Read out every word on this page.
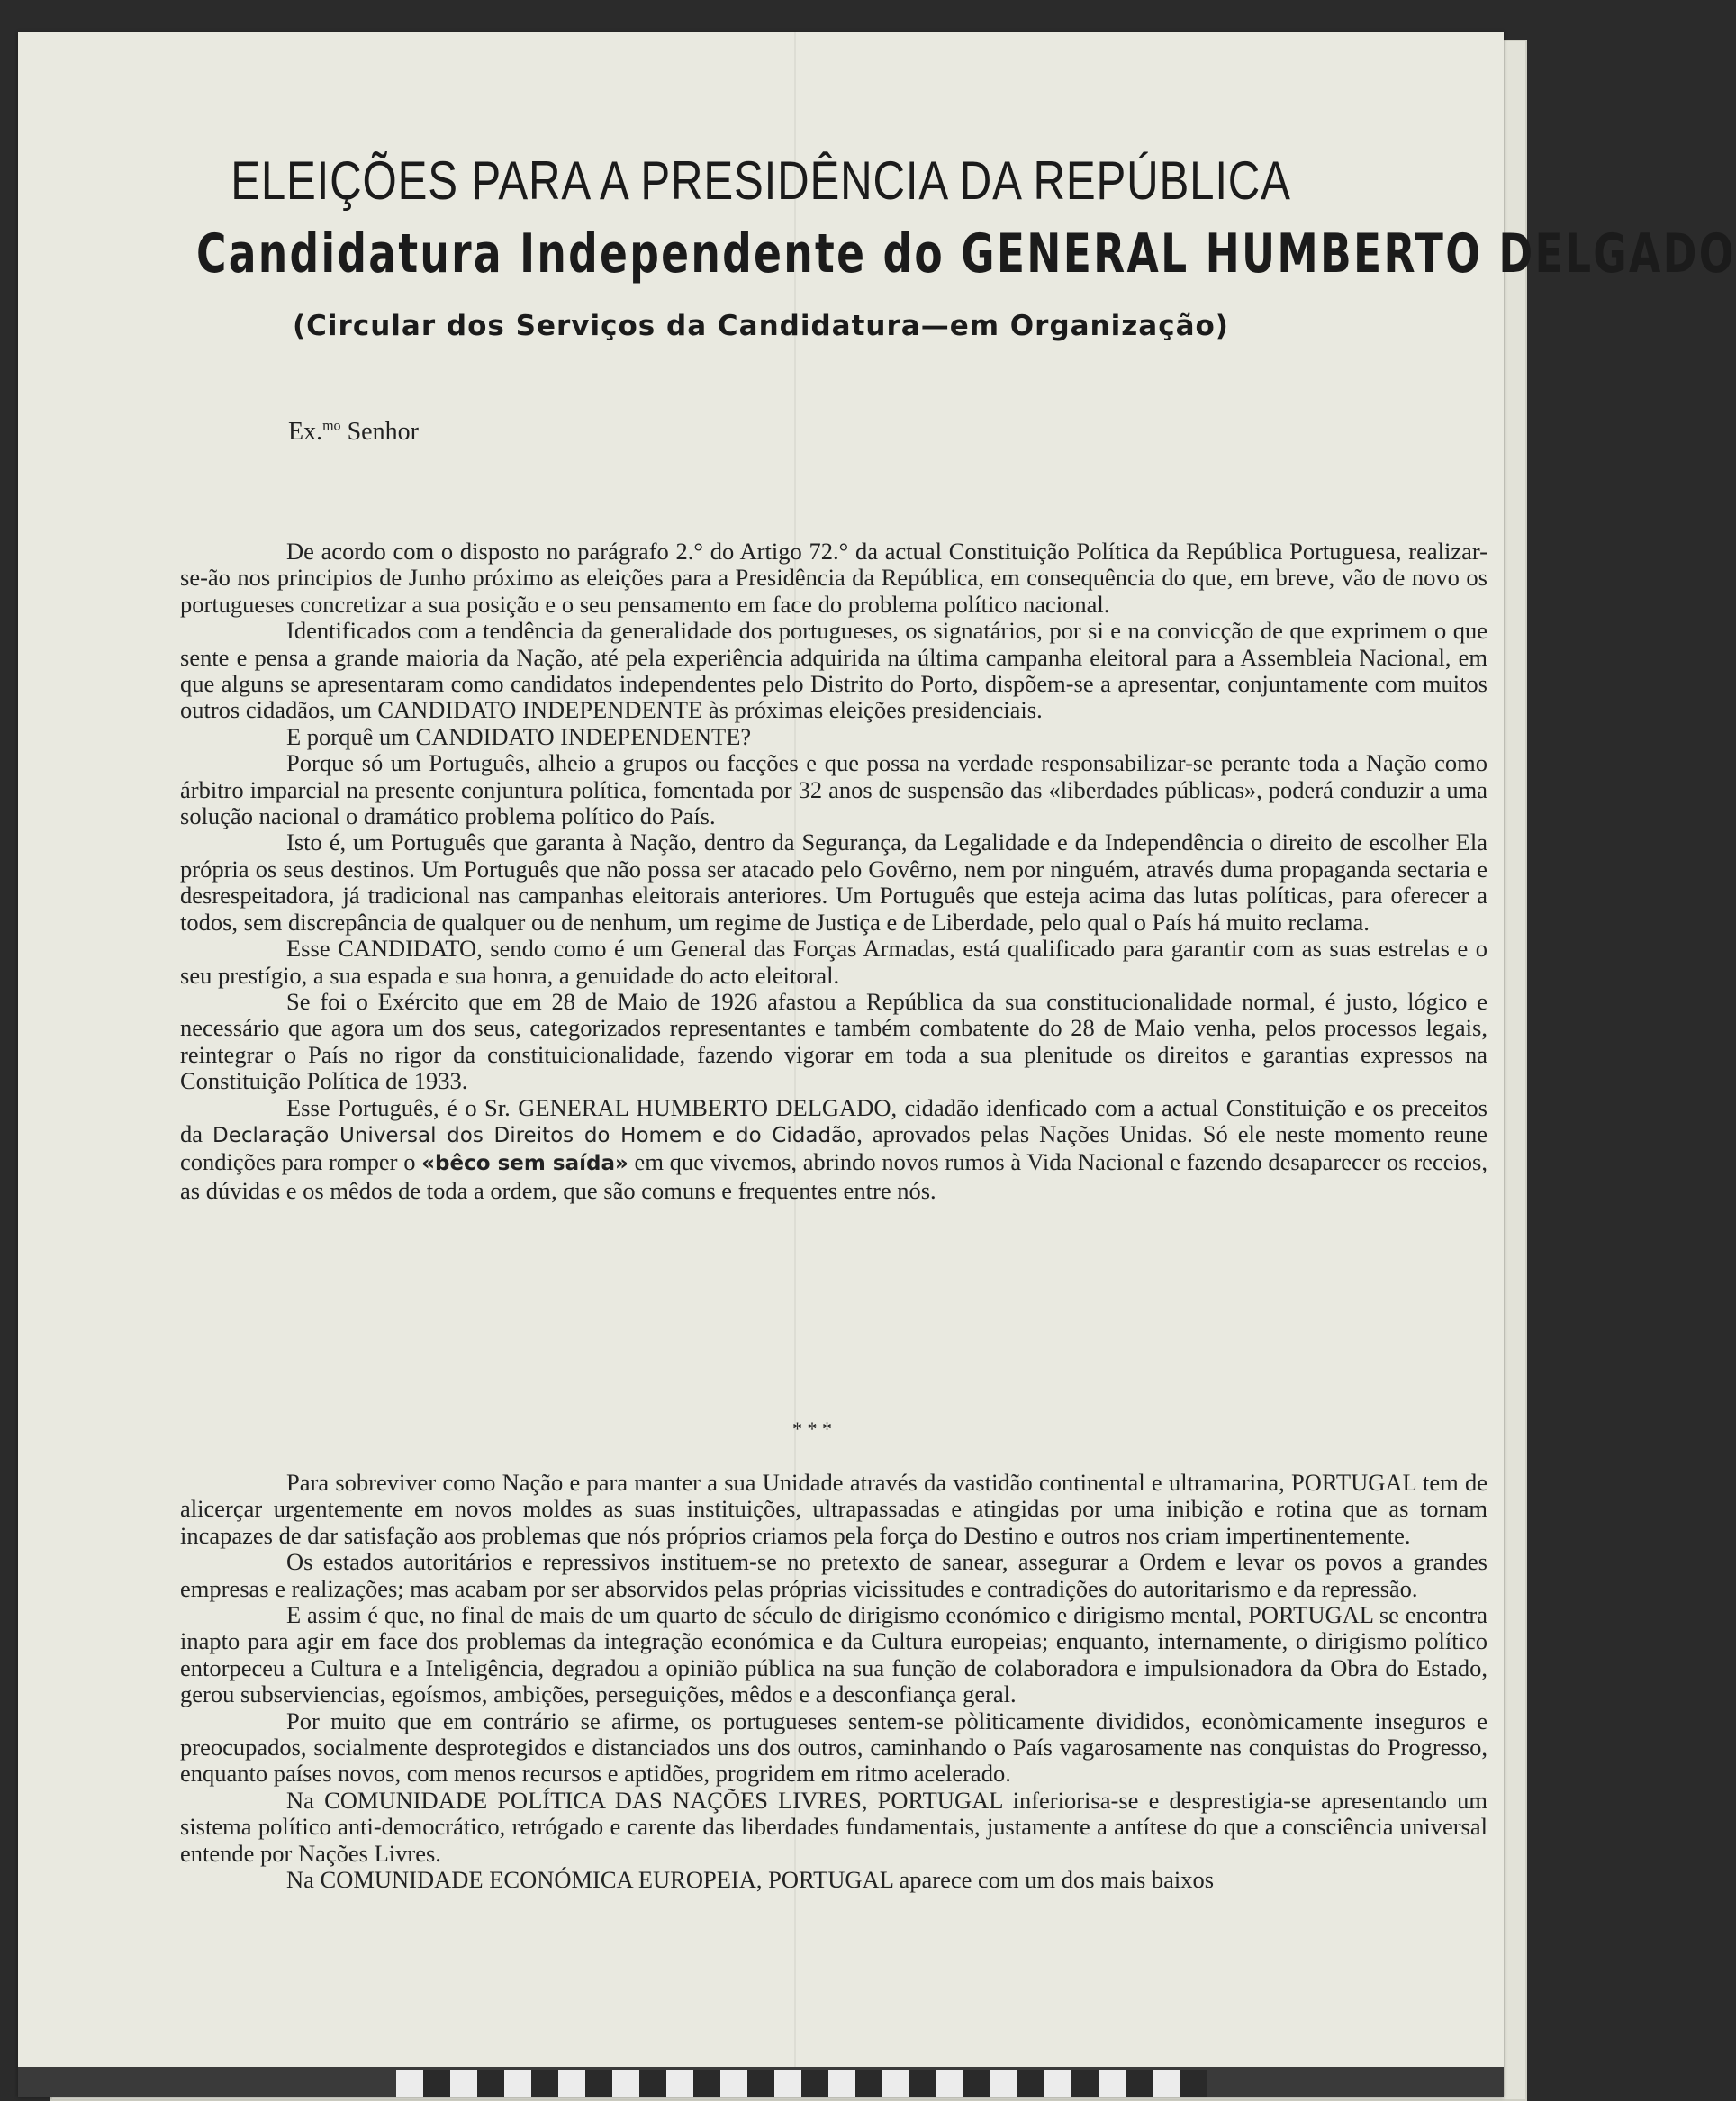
ELEIÇÕES PARA A PRESIDÊNCIA DA REPÚBLICA
Candidatura Independente do GENERAL HUMBERTO DELGADO
(Circular dos Serviços da Candidatura—em Organização)
Ex.$^{mo}$ Senhor

De acordo com o disposto no parágrafo 2.° do Artigo 72.° da actual Constituição Política da República Portuguesa, realizar-se-ão nos principios de Junho próximo as eleições para a Presidência da República, em consequência do que, em breve, vão de novo os portugueses concretizar a sua posição e o seu pensamento em face do problema político nacional.

Identificados com a tendência da generalidade dos portugueses, os signatários, por si e na convicção de que exprimem o que sente e pensa a grande maioria da Nação, até pela experiência adquirida na última campanha eleitoral para a Assembleia Nacional, em que alguns se apresentaram como candidatos independentes pelo Distrito do Porto, dispõem-se a apresentar, conjuntamente com muitos outros cidadãos, um CANDIDATO INDEPENDENTE às próximas eleições presidenciais.

E porquê um CANDIDATO INDEPENDENTE?

Porque só um Português, alheio a grupos ou facções e que possa na verdade responsabilizar-se perante toda a Nação como árbitro imparcial na presente conjuntura política, fomentada por 32 anos de suspensão das «liberdades públicas», poderá conduzir a uma solução nacional o dramático problema político do País.

Isto é, um Português que garanta à Nação, dentro da Segurança, da Legalidade e da Independência o direito de escolher Ela própria os seus destinos. Um Português que não possa ser atacado pelo Govêrno, nem por ninguém, através duma propaganda sectaria e desrespeitadora, já tradicional nas campanhas eleitorais anteriores. Um Português que esteja acima das lutas políticas, para oferecer a todos, sem discrepância de qualquer ou de nenhum, um regime de Justiça e de Liberdade, pelo qual o País há muito reclama.

Esse CANDIDATO, sendo como é um General das Forças Armadas, está qualificado para garantir com as suas estrelas e o seu prestígio, a sua espada e sua honra, a genuidade do acto eleitoral.

Se foi o Exército que em 28 de Maio de 1926 afastou a República da sua constitucionalidade normal, é justo, lógico e necessário que agora um dos seus, categorizados representantes e também combatente do 28 de Maio venha, pelos processos legais, reintegrar o País no rigor da constituicionalidade, fazendo vigorar em toda a sua plenitude os direitos e garantias expressos na Constituição Política de 1933.

Esse Português, é o Sr. GENERAL HUMBERTO DELGADO, cidadão idenficado com a actual Constituição e os preceitos da Declaração Universal dos Direitos do Homem e do Cidadão, aprovados pelas Nações Unidas. Só ele neste momento reune condições para romper o «bêco sem saída» em que vivemos, abrindo novos rumos à Vida Nacional e fazendo desaparecer os receios, as dúvidas e os mêdos de toda a ordem, que são comuns e frequentes entre nós.

* * *

Para sobreviver como Nação e para manter a sua Unidade através da vastidão continental e ultramarina, PORTUGAL tem de alicerçar urgentemente em novos moldes as suas instituições, ultrapassadas e atingidas por uma inibição e rotina que as tornam incapazes de dar satisfação aos problemas que nós próprios criamos pela força do Destino e outros nos criam impertinentemente.

Os estados autoritários e repressivos instituem-se no pretexto de sanear, assegurar a Ordem e levar os povos a grandes empresas e realizações; mas acabam por ser absorvidos pelas próprias vicissitudes e contradições do autoritarismo e da repressão.

E assim é que, no final de mais de um quarto de século de dirigismo económico e dirigismo mental, PORTUGAL se encontra inapto para agir em face dos problemas da integração económica e da Cultura europeias; enquanto, internamente, o dirigismo político entorpeceu a Cultura e a Inteligência, degradou a opinião pública na sua função de colaboradora e impulsionadora da Obra do Estado, gerou subserviencias, egoísmos, ambições, perseguições, mêdos e a desconfiança geral.

Por muito que em contrário se afirme, os portugueses sentem-se pòliticamente divididos, econòmicamente inseguros e preocupados, socialmente desprotegidos e distanciados uns dos outros, caminhando o País vagarosamente nas conquistas do Progresso, enquanto países novos, com menos recursos e aptidões, progridem em ritmo acelerado.

Na COMUNIDADE POLÍTICA DAS NAÇÕES LIVRES, PORTUGAL inferiorisa-se e desprestigia-se apresentando um sistema político anti-democrático, retrógado e carente das liberdades fundamentais, justamente a antítese do que a consciência universal entende por Nações Livres.

Na COMUNIDADE ECONÓMICA EUROPEIA, PORTUGAL aparece com um dos mais baixos
